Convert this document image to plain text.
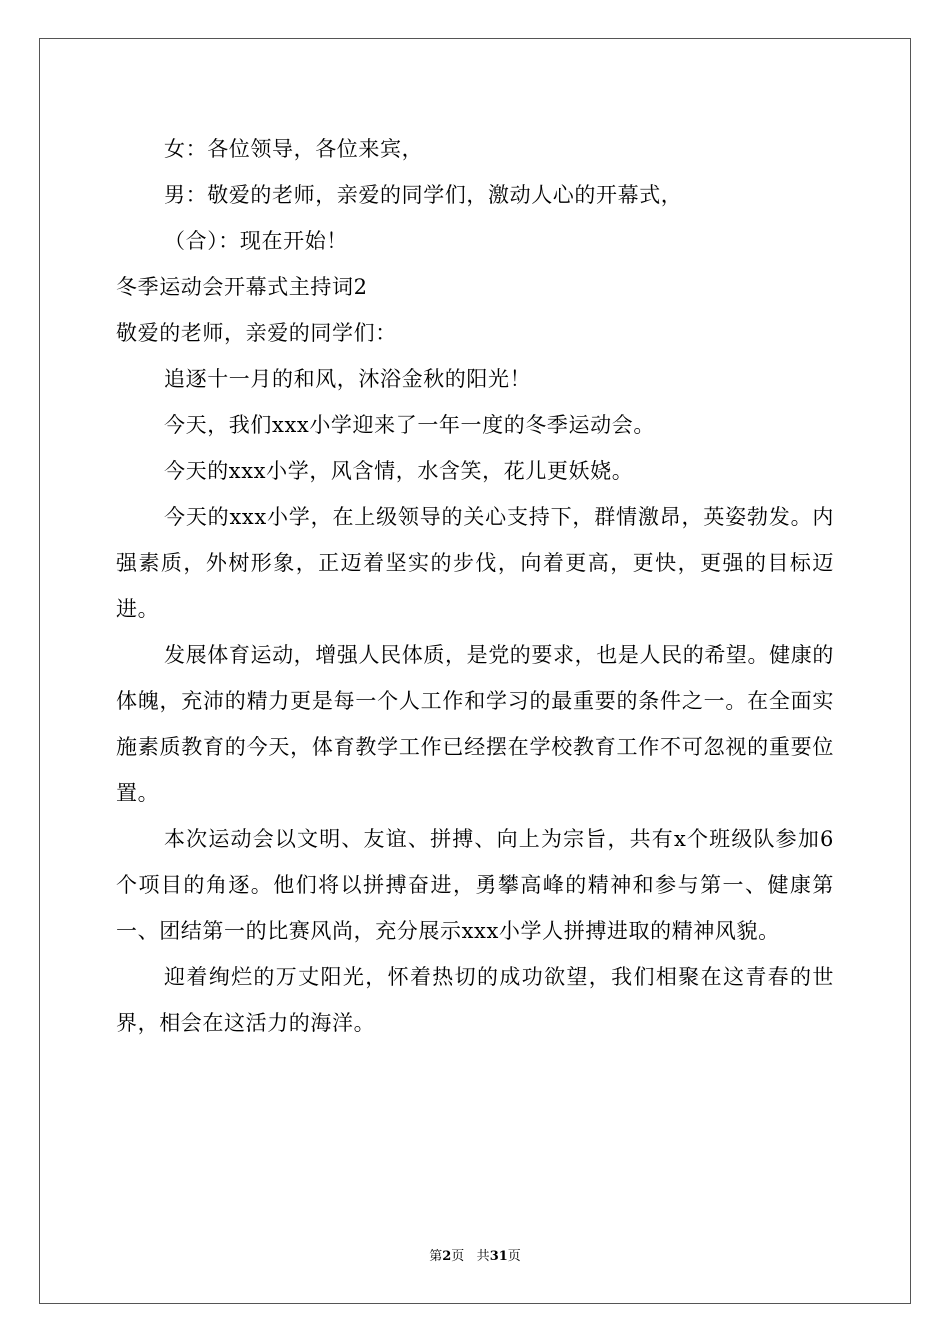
女：各位领导，各位来宾，
男：敬爱的老师，亲爱的同学们，激动人心的开幕式，
（合）：现在开始！
冬季运动会开幕式主持词2
敬爱的老师，亲爱的同学们：
追逐十一月的和风，沐浴金秋的阳光！
今天，我们xxx小学迎来了一年一度的冬季运动会。
今天的xxx小学，风含情，水含笑，花儿更妖娆。

今天的xxx小学，在上级领导的关心支持下，群情激昂，英姿勃发。内强素质，外树形象，正迈着坚实的步伐，向着更高，更快，更强的目标迈进。

发展体育运动，增强人民体质，是党的要求，也是人民的希望。健康的体魄，充沛的精力更是每一个人工作和学习的最重要的条件之一。在全面实施素质教育的今天，体育教学工作已经摆在学校教育工作不可忽视的重要位置。

本次运动会以文明、友谊、拼搏、向上为宗旨，共有x个班级队参加6个项目的角逐。他们将以拼搏奋进，勇攀高峰的精神和参与第一、健康第一、团结第一的比赛风尚，充分展示xxx小学人拼搏进取的精神风貌。

迎着绚烂的万丈阳光，怀着热切的成功欲望，我们相聚在这青春的世界，相会在这活力的海洋。

第2页 共31页
